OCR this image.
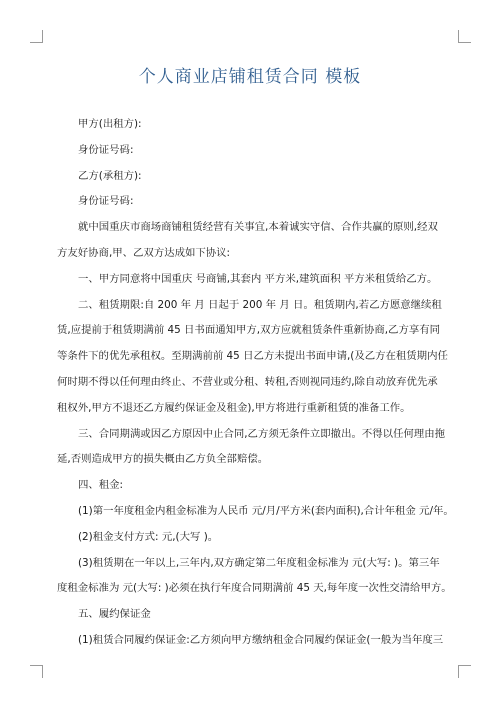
个人商业店铺租赁合同 模板

甲方(出租方):

身份证号码:

乙方(承租方):

身份证号码:

就中国重庆市商场商铺租赁经营有关事宜,本着诚实守信、合作共赢的原则,经双

方友好协商,甲、乙双方达成如下协议:

一、甲方同意将中国重庆 号商铺,其套内 平方米,建筑面积 平方米租赁给乙方。

二、租赁期限:自 200 年 月 日起于 200 年 月 日。租赁期内,若乙方愿意继续租

赁,应提前于租赁期满前 45 日书面通知甲方,双方应就租赁条件重新协商,乙方享有同

等条件下的优先承租权。至期满前前 45 日乙方未提出书面申请,(及乙方在租赁期内任

何时期不得以任何理由终止、不营业或分租、转租,否则视同违约,除自动放弃优先承

租权外,甲方不退还乙方履约保证金及租金),甲方将进行重新租赁的准备工作。

三、合同期满或因乙方原因中止合同,乙方须无条件立即撤出。不得以任何理由拖

延,否则造成甲方的损失概由乙方负全部赔偿。

四、租金:

(1)第一年度租金内租金标准为人民币 元/月/平方米(套内面积),合计年租金 元/年。

(2)租金支付方式: 元,(大写 )。

(3)租赁期在一年以上,三年内,双方确定第二年度租金标准为 元(大写: )。第三年

度租金标准为 元(大写: )必须在执行年度合同期满前 45 天,每年度一次性交清给甲方。

五、履约保证金

(1)租赁合同履约保证金:乙方须向甲方缴纳租金合同履约保证金(一般为当年度三
